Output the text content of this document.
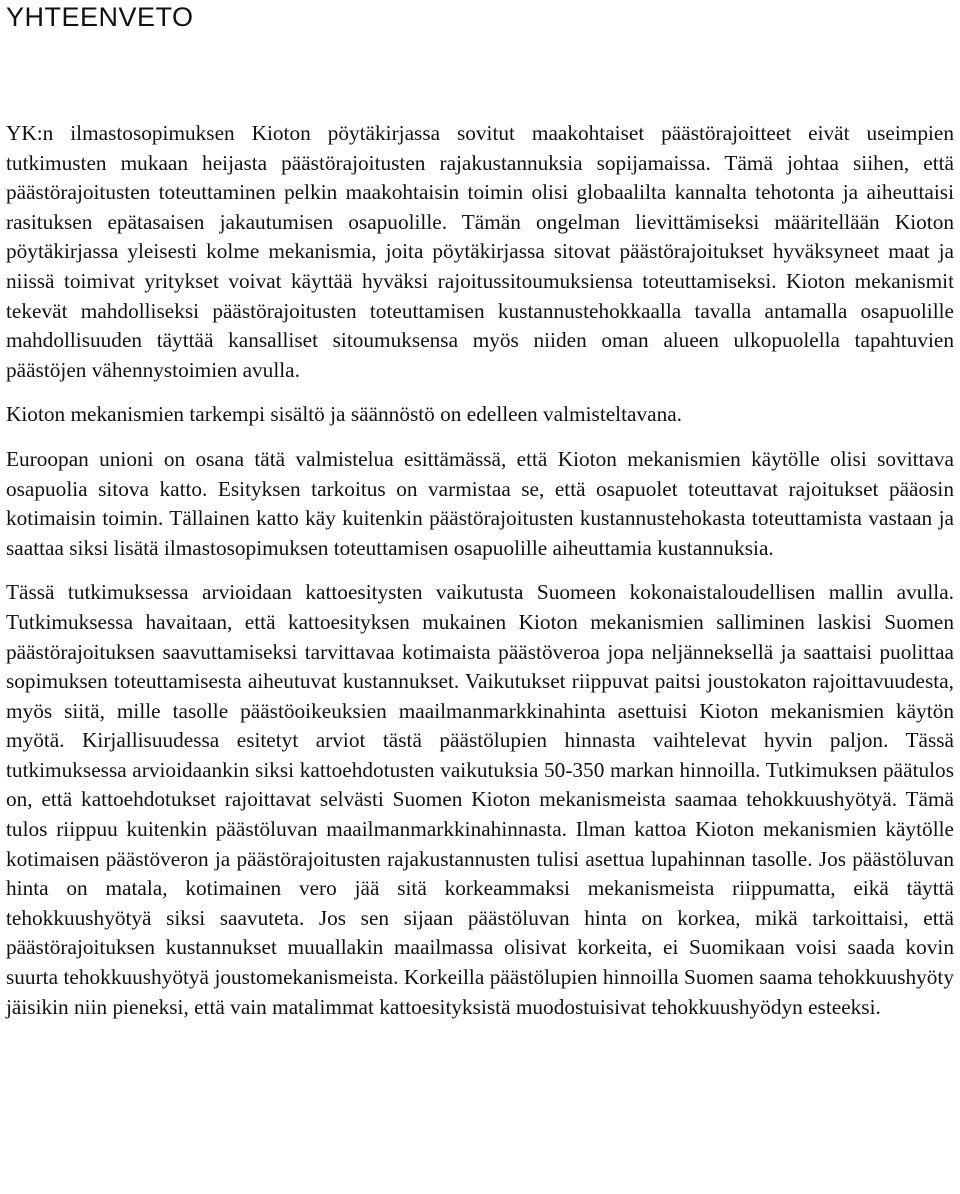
YHTEENVETO

YK:n ilmastosopimuksen Kioton pöytäkirjassa sovitut maakohtaiset päästörajoitteet eivät useimpien tutkimusten mukaan heijasta päästörajoitusten rajakustannuksia sopijamaissa. Tämä johtaa siihen, että päästörajoitusten toteuttaminen pelkin maakohtaisin toimin olisi globaalilta kannalta tehotonta ja aiheuttaisi rasituksen epätasaisen jakautumisen osapuolille. Tämän ongelman lievittämiseksi määritellään Kioton pöytäkirjassa yleisesti kolme mekanismia, joita pöytäkirjassa sitovat päästörajoitukset hyväksyneet maat ja niissä toimivat yritykset voivat käyttää hyväksi rajoitussitoumuksiensa toteuttamiseksi. Kioton mekanismit tekevät mahdolliseksi päästörajoitusten toteuttamisen kustannustehokkaalla tavalla antamalla osapuolille mahdollisuuden täyttää kansalliset sitoumuksensa myös niiden oman alueen ulkopuolella tapahtuvien päästöjen vähennystoimien avulla.

Kioton mekanismien tarkempi sisältö ja säännöstö on edelleen valmisteltavana.

Euroopan unioni on osana tätä valmistelua esittämässä, että Kioton mekanismien käytölle olisi sovittava osapuolia sitova katto. Esityksen tarkoitus on varmistaa se, että osapuolet toteuttavat rajoitukset pääosin kotimaisin toimin. Tällainen katto käy kuitenkin päästörajoitusten kustannustehokasta toteuttamista vastaan ja saattaa siksi lisätä ilmastosopimuksen toteuttamisen osapuolille aiheuttamia kustannuksia.

Tässä tutkimuksessa arvioidaan kattoesitysten vaikutusta Suomeen kokonaistaloudellisen mallin avulla. Tutkimuksessa havaitaan, että kattoesityksen mukainen Kioton mekanismien salliminen laskisi Suomen päästörajoituksen saavuttamiseksi tarvittavaa kotimaista päästöveroa jopa neljänneksellä ja saattaisi puolittaa sopimuksen toteuttamisesta aiheutuvat kustannukset. Vaikutukset riippuvat paitsi joustokaton rajoittavuudesta, myös siitä, mille tasolle päästöoikeuksien maailmanmarkkinahinta asettuisi Kioton mekanismien käytön myötä. Kirjallisuudessa esitetyt arviot tästä päästölupien hinnasta vaihtelevat hyvin paljon. Tässä tutkimuksessa arvioidaankin siksi kattoehdotusten vaikutuksia 50-350 markan hinnoilla. Tutkimuksen päätulos on, että kattoehdotukset rajoittavat selvästi Suomen Kioton mekanismeista saamaa tehokkuushyötyä. Tämä tulos riippuu kuitenkin päästöluvan maailmanmarkkinahinnasta. Ilman kattoa Kioton mekanismien käytölle kotimaisen päästöveron ja päästörajoitusten rajakustannusten tulisi asettua lupahinnan tasolle. Jos päästöluvan hinta on matala, kotimainen vero jää sitä korkeammaksi mekanismeista riippumatta, eikä täyttä tehokkuushyötyä siksi saavuteta. Jos sen sijaan päästöluvan hinta on korkea, mikä tarkoittaisi, että päästörajoituksen kustannukset muuallakin maailmassa olisivat korkeita, ei Suomikaan voisi saada kovin suurta tehokkuushyötyä joustomekanismeista. Korkeilla päästölupien hinnoilla Suomen saama tehokkuushyöty jäisikin niin pieneksi, että vain matalimmat kattoesityksistä muodostuisivat tehokkuushyödyn esteeksi.
